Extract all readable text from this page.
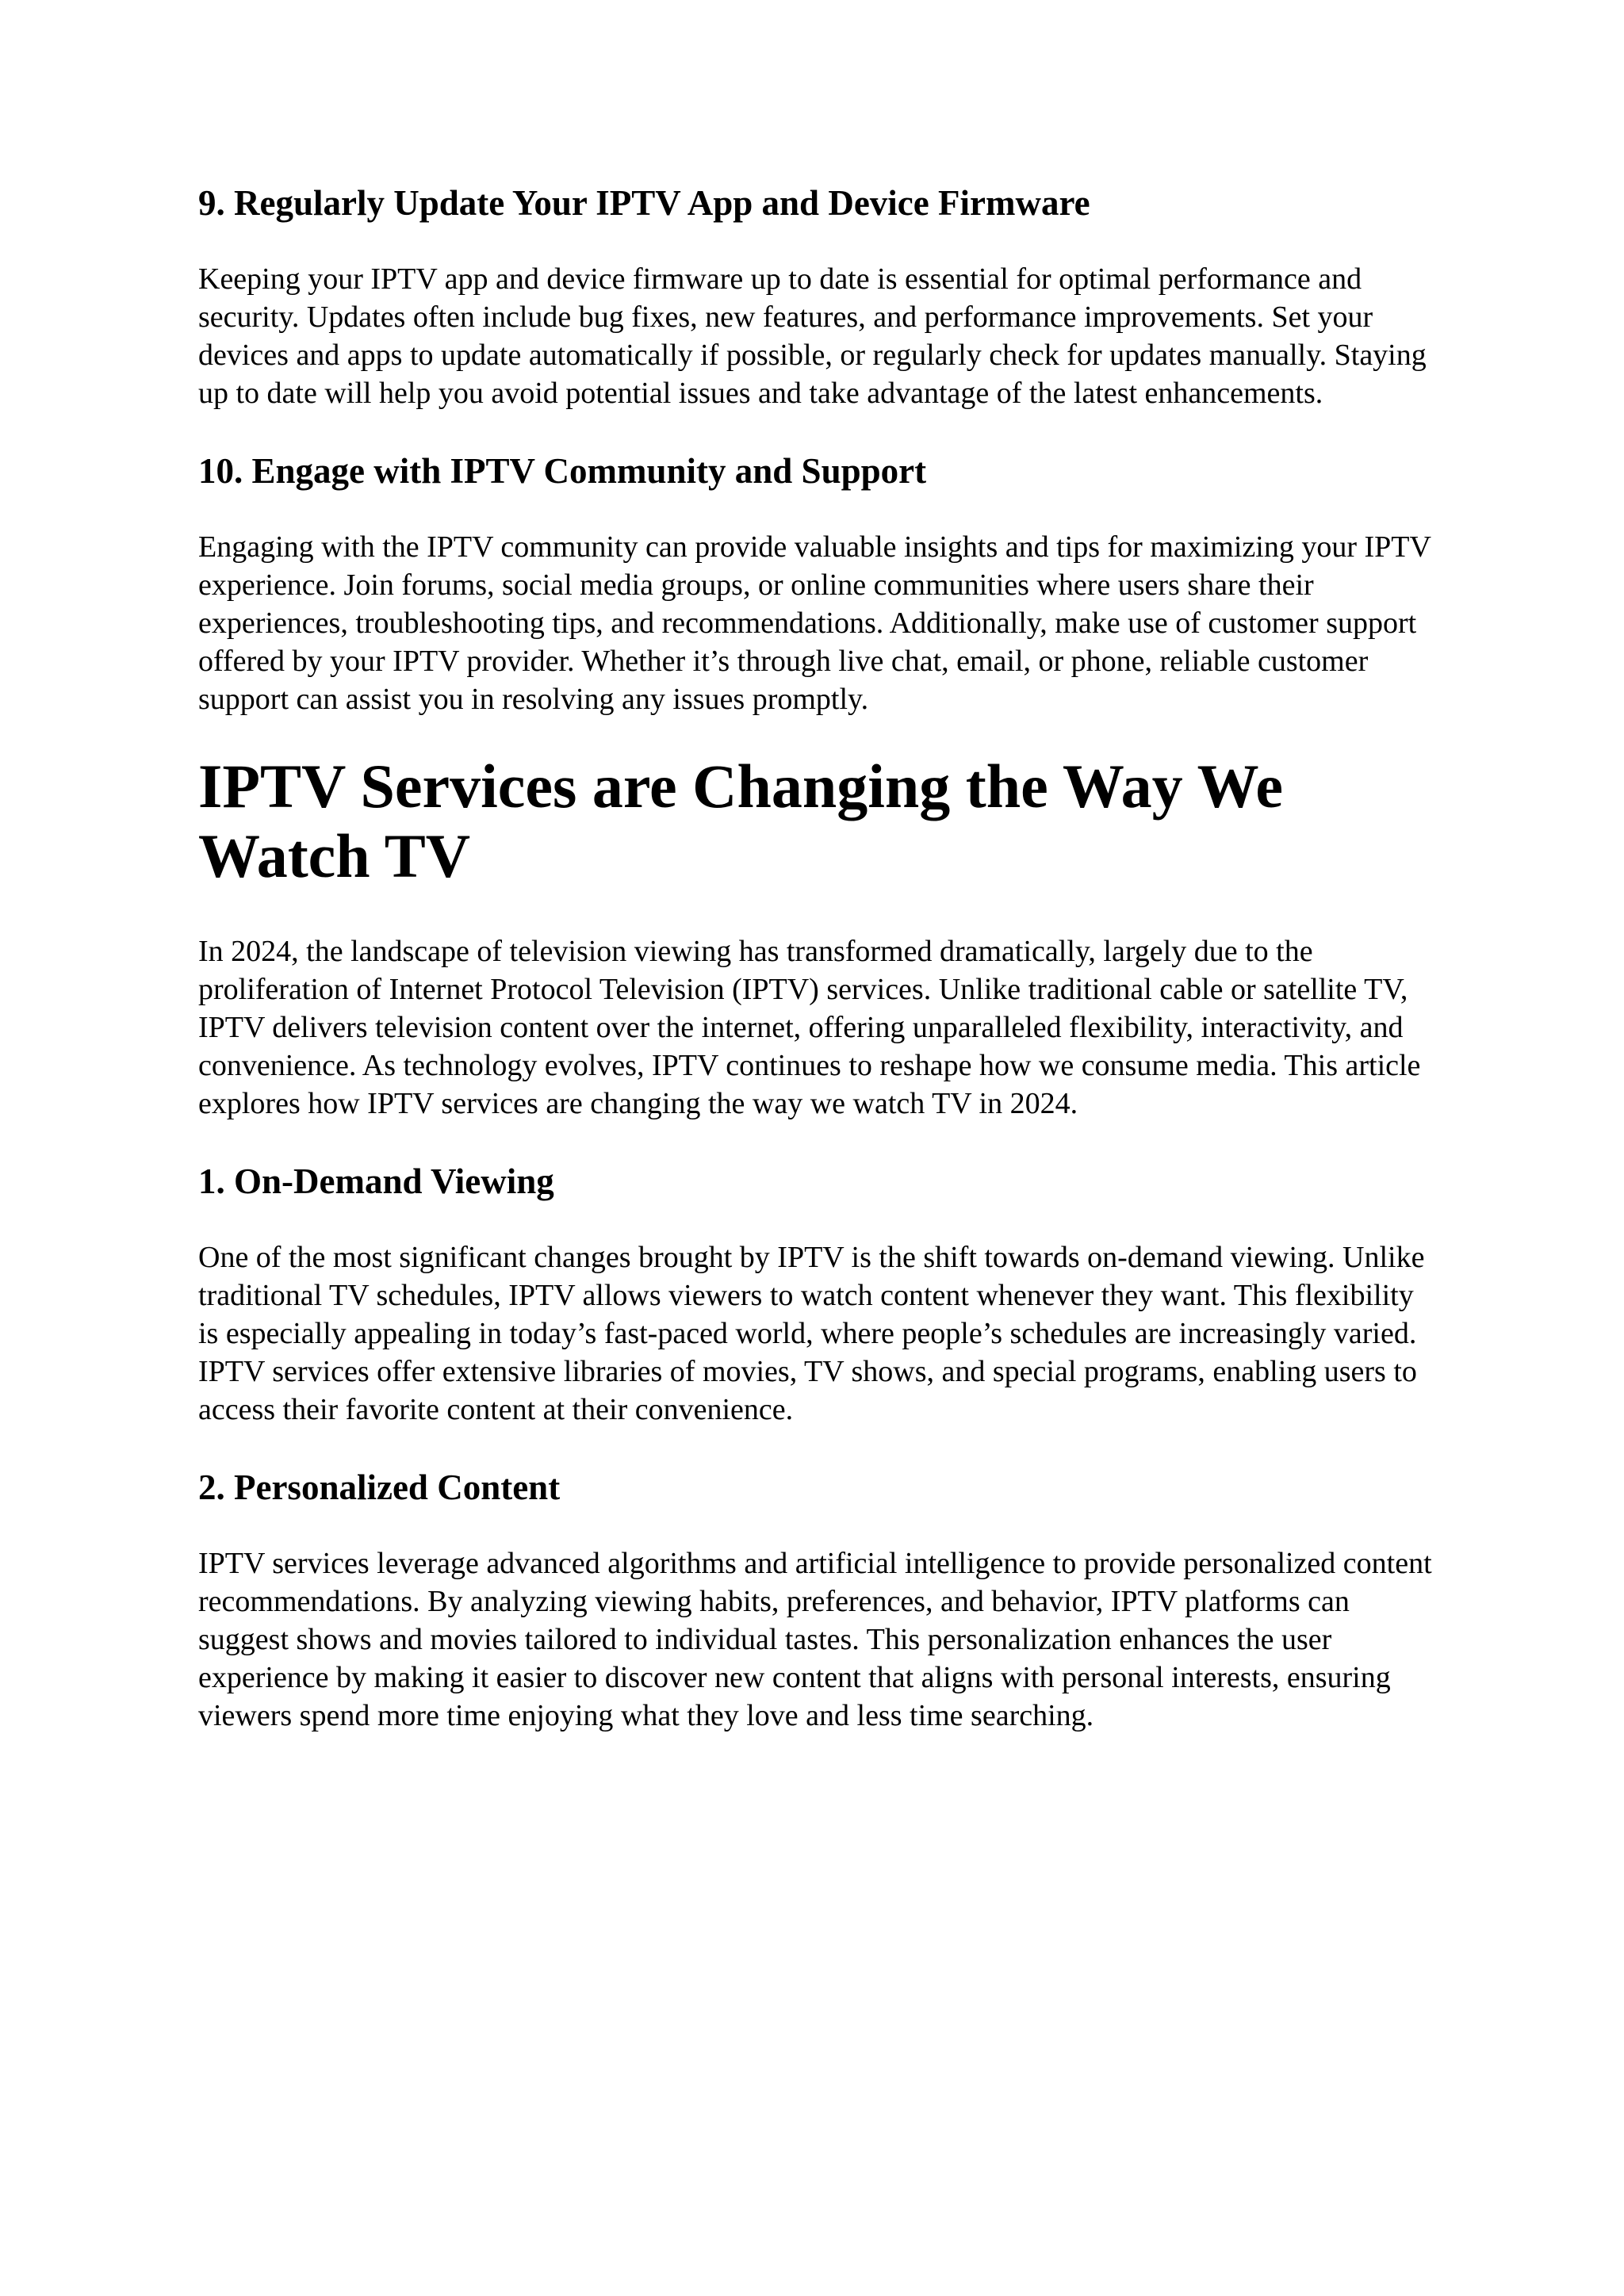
9. Regularly Update Your IPTV App and Device Firmware

Keeping your IPTV app and device firmware up to date is essential for optimal performance and security. Updates often include bug fixes, new features, and performance improvements. Set your devices and apps to update automatically if possible, or regularly check for updates manually. Staying up to date will help you avoid potential issues and take advantage of the latest enhancements.

10. Engage with IPTV Community and Support

Engaging with the IPTV community can provide valuable insights and tips for maximizing your IPTV experience. Join forums, social media groups, or online communities where users share their experiences, troubleshooting tips, and recommendations. Additionally, make use of customer support offered by your IPTV provider. Whether it’s through live chat, email, or phone, reliable customer support can assist you in resolving any issues promptly.

IPTV Services are Changing the Way We Watch TV

In 2024, the landscape of television viewing has transformed dramatically, largely due to the proliferation of Internet Protocol Television (IPTV) services. Unlike traditional cable or satellite TV, IPTV delivers television content over the internet, offering unparalleled flexibility, interactivity, and convenience. As technology evolves, IPTV continues to reshape how we consume media. This article explores how IPTV services are changing the way we watch TV in 2024.

1. On-Demand Viewing

One of the most significant changes brought by IPTV is the shift towards on-demand viewing. Unlike traditional TV schedules, IPTV allows viewers to watch content whenever they want. This flexibility is especially appealing in today’s fast-paced world, where people’s schedules are increasingly varied. IPTV services offer extensive libraries of movies, TV shows, and special programs, enabling users to access their favorite content at their convenience.

2. Personalized Content

IPTV services leverage advanced algorithms and artificial intelligence to provide personalized content recommendations. By analyzing viewing habits, preferences, and behavior, IPTV platforms can suggest shows and movies tailored to individual tastes. This personalization enhances the user experience by making it easier to discover new content that aligns with personal interests, ensuring viewers spend more time enjoying what they love and less time searching.
